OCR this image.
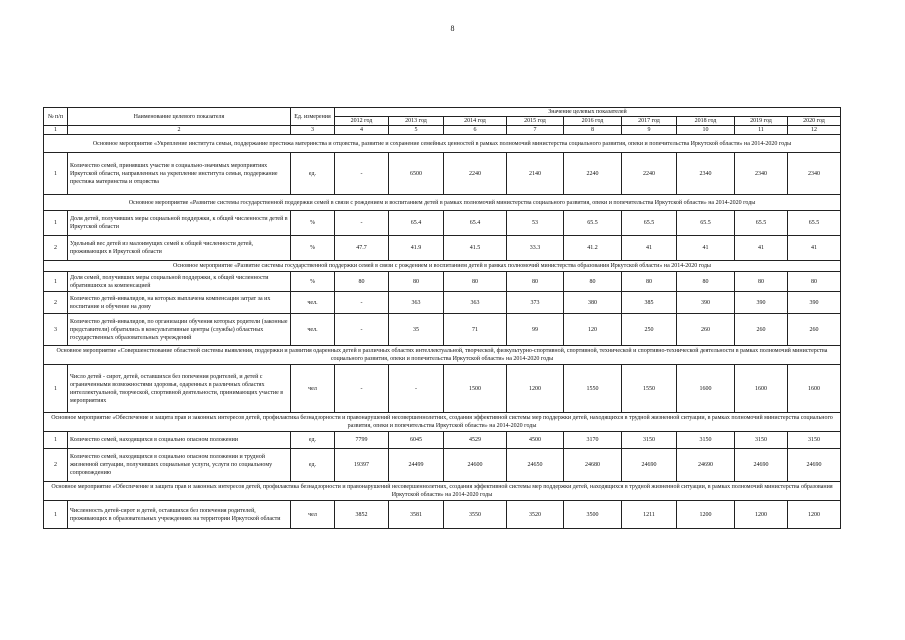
8
№ п/п	Наименование целевого показателя	Ед. измерения	Значение целевых показателей								
			2012 год	2013 год	2014 год	2015 год	2016 год	2017 год	2018 год	2019 год	2020 год
1	2	3	4	5	6	7	8	9	10	11	12
Основное мероприятие «Укрепление института семьи, поддержание престижа материнства и отцовства, развитие и сохранение семейных ценностей в рамках полномочий министерства социального развития, опеки и попечительства Иркутской области» на 2014-2020 годы											
1	Количество семей, принявших участие в социально-значимых мероприятиях Иркутской области, направленных на укрепление института семьи, поддержание престижа материнства и отцовства	ед.	-	6500	2240	2140	2240	2240	2340	2340	2340
Основное мероприятие «Развитие системы государственной поддержки семей в связи с рождением и воспитанием детей в рамках полномочий министерства социального развития, опеки и попечительства Иркутской области» на 2014-2020 годы											
1	Доля детей, получивших меры социальной поддержки, к общей численности детей в Иркутской области	%	-	65.4	65.4	53	65.5	65.5	65.5	65.5	65.5
2	Удельный вес детей из малоимущих семей к общей численности детей, проживающих в Иркутской области	%	47.7	41.9	41.5	33.3	41.2	41	41	41	41
Основное мероприятие «Развитие системы государственной поддержки семей в связи с рождением и воспитанием детей в рамках полномочий министерства образования Иркутской области» на 2014-2020 годы											
1	Доля семей, получивших меры социальной поддержки, к общей численности обратившихся за компенсацией	%	80	80	80	80	80	80	80	80	80
2	Количество детей-инвалидов, на которых выплачена компенсация затрат за их воспитание и обучение на дому	чел.	-	363	363	373	380	385	390	390	390
3	Количество детей-инвалидов, по организации обучения которых родители (законные представители) обратились в консультативные центры (службы) областных государственных образовательных учреждений	чел.	-	35	71	99	120	250	260	260	260
Основное мероприятие «Совершенствование областной системы выявления, поддержки и развития одаренных детей в различных областях интеллектуальной, творческой, физкультурно-спортивной, спортивной, технической и спортивно-технической деятельности в рамках полномочий министерства социального развития, опеки и попечительства Иркутской области» на 2014-2020 годы											
1	Число детей - сирот, детей, оставшихся без попечения родителей, и детей с ограниченными возможностями здоровья, одаренных в различных областях интеллектуальной, творческой, спортивной деятельности, принимающих участие в мероприятиях	чел	-	-	1500	1200	1550	1550	1600	1600	1600
Основное мероприятие «Обеспечение и защита прав и законных интересов детей, профилактика безнадзорности и правонарушений несовершеннолетних, создания эффективной системы мер поддержки детей, находящихся в трудной жизненной ситуации, в рамках полномочий министерства социального развития, опеки и попечительства Иркутской области» на 2014-2020 годы											
1	Количество семей, находящихся в социально опасном положении	ед.	7799	6045	4529	4500	3170	3150	3150	3150	3150
2	Количество семей, находящихся в социально опасном положении и трудной жизненной ситуации, получивших социальные услуги, услуги по социальному сопровождению	ед.	19397	24499	24600	24650	24680	24690	24690	24690	24690
Основное мероприятие «Обеспечение и защита прав и законных интересов детей, профилактика безнадзорности и правонарушений несовершеннолетних, создания эффективной системы мер поддержки детей, находящихся в трудной жизненной ситуации, в рамках полномочий министерства образования Иркутской области» на 2014-2020 годы											
1	Численность детей-сирот и детей, оставшихся без попечения родителей, проживающих в образовательных учреждениях на территории Иркутской области	чел	3852	3581	3550	3520	3500	1211	1200	1200	1200
